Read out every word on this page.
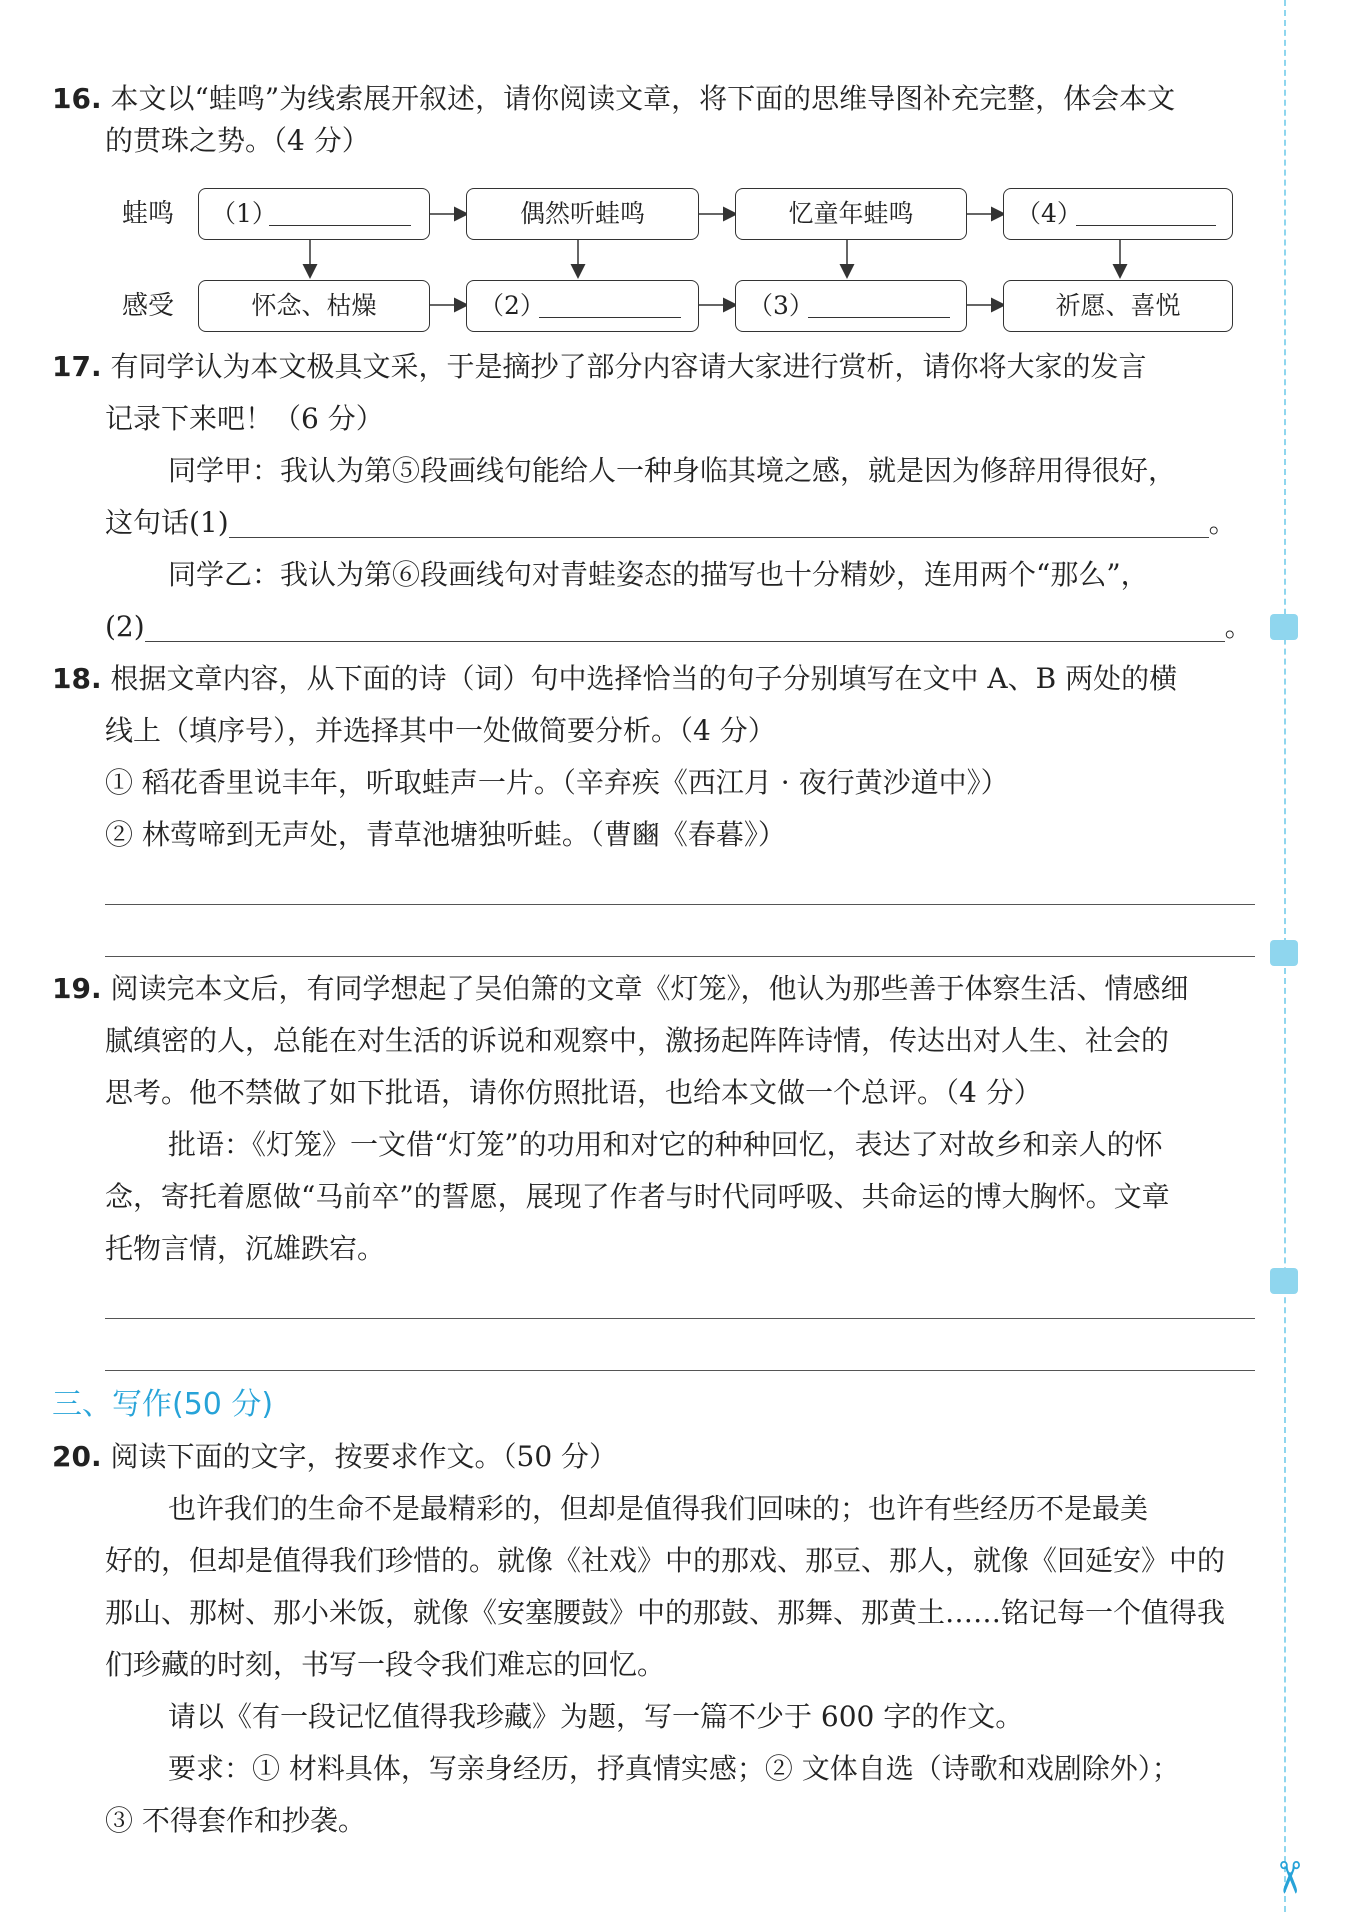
16. 本文以“蛙鸣”为线索展开叙述，请你阅读文章，将下面的思维导图补充完整，体会本文
的贯珠之势。（4 分）
蛙鸣
感受
（1）	偶然听蛙鸣	忆童年蛙鸣	（4）
怀念、枯燥	（2）	（3）	祈愿、喜悦
17. 有同学认为本文极具文采，于是摘抄了部分内容请大家进行赏析，请你将大家的发言
记录下来吧！（6 分）
同学甲：我认为第⑤段画线句能给人一种身临其境之感，就是因为修辞用得很好，
这句话(1)	。
同学乙：我认为第⑥段画线句对青蛙姿态的描写也十分精妙，连用两个“那么”，
(2)	。
18. 根据文章内容，从下面的诗（词）句中选择恰当的句子分别填写在文中 A、B 两处的横
线上（填序号），并选择其中一处做简要分析。（4 分）
① 稻花香里说丰年，听取蛙声一片。（辛弃疾《西江月 · 夜行黄沙道中》）
② 林莺啼到无声处，青草池塘独听蛙。（曹豳《春暮》）
19. 阅读完本文后，有同学想起了吴伯箫的文章《灯笼》，他认为那些善于体察生活、情感细
腻缜密的人，总能在对生活的诉说和观察中，激扬起阵阵诗情，传达出对人生、社会的
思考。他不禁做了如下批语，请你仿照批语，也给本文做一个总评。（4 分）
批语：《灯笼》一文借“灯笼”的功用和对它的种种回忆，表达了对故乡和亲人的怀
念，寄托着愿做“马前卒”的誓愿，展现了作者与时代同呼吸、共命运的博大胸怀。文章
托物言情，沉雄跌宕。
三、写作(50 分)
20. 阅读下面的文字，按要求作文。（50 分）
也许我们的生命不是最精彩的，但却是值得我们回味的；也许有些经历不是最美
好的，但却是值得我们珍惜的。就像《社戏》中的那戏、那豆、那人，就像《回延安》中的
那山、那树、那小米饭，就像《安塞腰鼓》中的那鼓、那舞、那黄土……铭记每一个值得我
们珍藏的时刻，书写一段令我们难忘的回忆。
请以《有一段记忆值得我珍藏》为题，写一篇不少于 600 字的作文。
要求：① 材料具体，写亲身经历，抒真情实感；② 文体自选（诗歌和戏剧除外）；
③ 不得套作和抄袭。
✂
